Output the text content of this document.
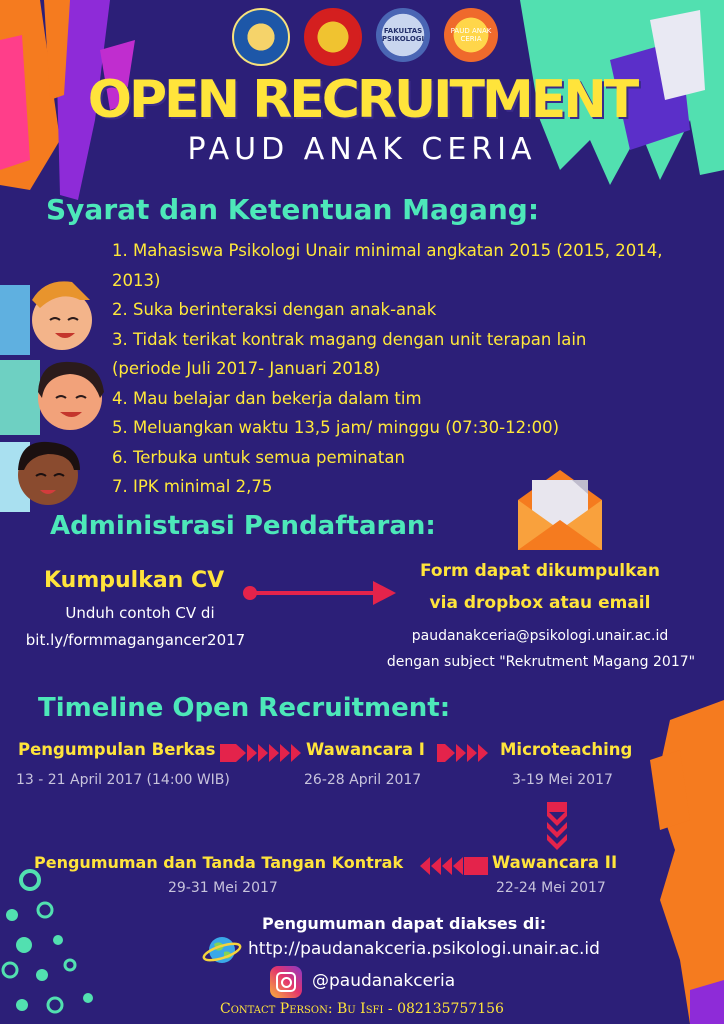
FAKULTAS PSIKOLOGI
PAUD ANAK CERIA
OPEN RECRUITMENT
PAUD ANAK CERIA
Syarat dan Ketentuan Magang:
1. Mahasiswa Psikologi Unair minimal angkatan 2015 (2015, 2014,
2013)
2. Suka berinteraksi dengan anak-anak
3. Tidak terikat kontrak magang dengan unit terapan lain
(periode Juli 2017- Januari 2018)
4. Mau belajar dan bekerja dalam tim
5. Meluangkan waktu 13,5 jam/ minggu (07:30-12:00)
6. Terbuka untuk semua peminatan
7. IPK minimal 2,75
Administrasi Pendaftaran:
Kumpulkan CV
Unduh contoh CV di
bit.ly/formmagangancer2017
Form dapat dikumpulkan
via dropbox atau email
paudanakceria@psikologi.unair.ac.id
dengan subject "Rekrutment Magang 2017"
Timeline Open Recruitment:
Pengumpulan Berkas
13 - 21 April 2017 (14:00 WIB)
Wawancara I
26-28 April 2017
Microteaching
3-19 Mei 2017
Wawancara II
22-24 Mei 2017
Pengumuman dan Tanda Tangan Kontrak
29-31 Mei 2017
Pengumuman dapat diakses di:
http://paudanakceria.psikologi.unair.ac.id
@paudanakceria
Contact Person: Bu Isfi - 082135757156
